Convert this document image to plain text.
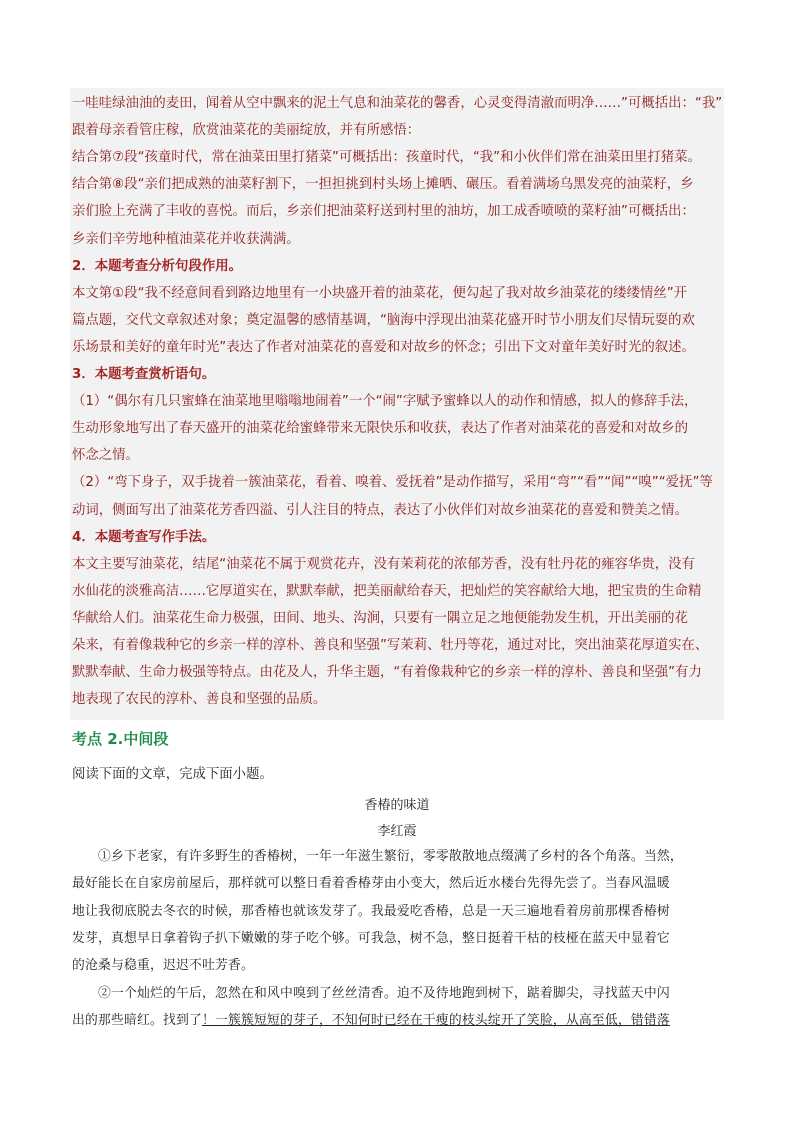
一哇哇绿油油的麦田，闻着从空中飘来的泥土气息和油菜花的馨香，心灵变得清澈而明净……”可概括出：“我”
跟着母亲看管庄稼，欣赏油菜花的美丽绽放，并有所感悟：
结合第⑦段“孩童时代，常在油菜田里打猪菜”可概括出：孩童时代，“我”和小伙伴们常在油菜田里打猪菜。
结合第⑧段“亲们把成熟的油菜籽割下，一担担挑到村头场上摊晒、碾压。看着满场乌黑发亮的油菜籽，乡
亲们脸上充满了丰收的喜悦。而后，乡亲们把油菜籽送到村里的油坊，加工成香喷喷的菜籽油”可概括出：
乡亲们辛劳地种植油菜花并收获满满。
2．本题考查分析句段作用。
本文第①段“我不经意间看到路边地里有一小块盛开着的油菜花，便勾起了我对故乡油菜花的缕缕情丝”开
篇点题，交代文章叙述对象；奠定温馨的感情基调，“脑海中浮现出油菜花盛开时节小朋友们尽情玩耍的欢
乐场景和美好的童年时光”表达了作者对油菜花的喜爱和对故乡的怀念；引出下文对童年美好时光的叙述。
3．本题考查赏析语句。
（1）“偶尔有几只蜜蜂在油菜地里嗡嗡地闹着”一个“闹”字赋予蜜蜂以人的动作和情感，拟人的修辞手法，
生动形象地写出了春天盛开的油菜花给蜜蜂带来无限快乐和收获，表达了作者对油菜花的喜爱和对故乡的
怀念之情。
（2）“弯下身子，双手拢着一簇油菜花，看着、嗅着、爱抚着”是动作描写，采用“弯”“看”“闻”“嗅”“爱抚”等
动词，侧面写出了油菜花芳香四溢、引人注目的特点，表达了小伙伴们对故乡油菜花的喜爱和赞美之情。
4．本题考查写作手法。
本文主要写油菜花，结尾“油菜花不属于观赏花卉，没有茉莉花的浓郁芳香，没有牡丹花的雍容华贵，没有
水仙花的淡雅高洁……它厚道实在，默默奉献，把美丽献给春天，把灿烂的笑容献给大地，把宝贵的生命精
华献给人们。油菜花生命力极强，田间、地头、沟涧，只要有一隅立足之地便能勃发生机，开出美丽的花
朵来，有着像栽种它的乡亲一样的淳朴、善良和坚强”写茉莉、牡丹等花，通过对比，突出油菜花厚道实在、
默默奉献、生命力极强等特点。由花及人，升华主题，“有着像栽种它的乡亲一样的淳朴、善良和坚强”有力
地表现了农民的淳朴、善良和坚强的品质。
考点 2.中间段
阅读下面的文章，完成下面小题。
香椿的味道
李红霞
　　①乡下老家，有许多野生的香椿树，一年一年滋生繁衍，零零散散地点缀满了乡村的各个角落。当然，
最好能长在自家房前屋后，那样就可以整日看着香椿芽由小变大，然后近水楼台先得先尝了。当春风温暖
地让我彻底脱去冬衣的时候，那香椿也就该发芽了。我最爱吃香椿，总是一天三遍地看着房前那棵香椿树
发芽，真想早日拿着钩子扒下嫩嫩的芽子吃个够。可我急，树不急，整日挺着干枯的枝桠在蓝天中显着它
的沧桑与稳重，迟迟不吐芳香。
　　②一个灿烂的午后，忽然在和风中嗅到了丝丝清香。迫不及待地跑到树下，踮着脚尖，寻找蓝天中闪
出的那些暗红。找到了！一簇簇短短的芽子，不知何时已经在干瘦的枝头绽开了笑脸，从高至低，错错落
